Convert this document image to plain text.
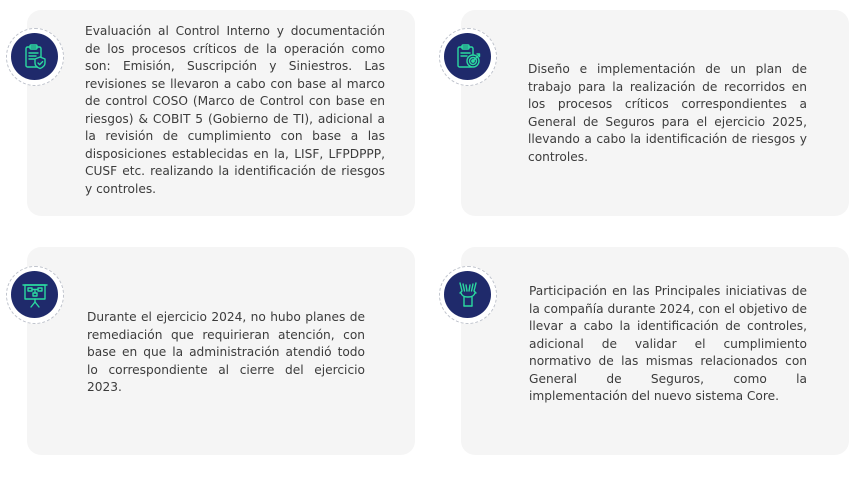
Evaluación al Control Interno y documentación de los procesos críticos de la operación como son: Emisión, Suscripción y Siniestros. Las revisiones se llevaron a cabo con base al marco de control COSO (Marco de Control con base en riesgos) & COBIT 5 (Gobierno de TI), adicional a la revisión de cumplimiento con base a las disposiciones establecidas en la, LISF, LFPDPPP, CUSF etc. realizando la identificación de riesgos y controles.

Diseño e implementación de un plan de trabajo para la realización de recorridos en los procesos críticos correspondientes a General de Seguros para el ejercicio 2025, llevando a cabo la identificación de riesgos y controles.

Durante el ejercicio 2024, no hubo planes de remediación que requirieran atención, con base en que la administración atendió todo lo correspondiente al cierre del ejercicio 2023.

Participación en las Principales iniciativas de la compañía durante 2024, con el objetivo de llevar a cabo la identificación de controles, adicional de validar el cumplimiento normativo de las mismas relacionados con General de Seguros, como la implementación del nuevo sistema Core.
